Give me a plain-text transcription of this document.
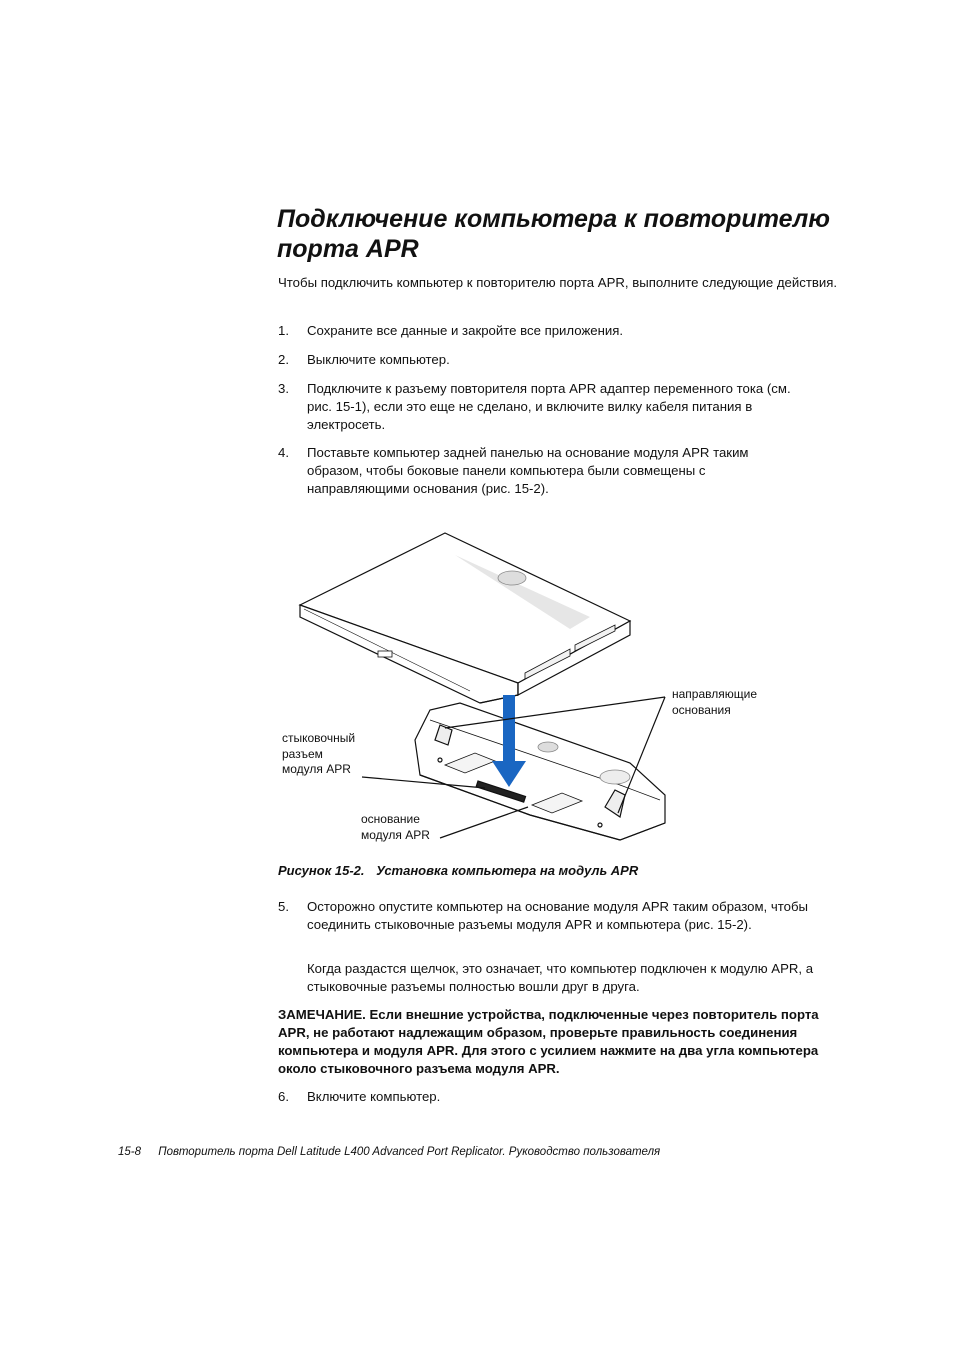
Подключение компьютера к повторителю
порта APR
Чтобы подключить компьютер к повторителю порта APR, выполните следующие действия.
1. Сохраните все данные и закройте все приложения.
2. Выключите компьютер.
3. Подключите к разъему повторителя порта APR адаптер переменного тока (см. рис. 15-1), если это еще не сделано, и включите вилку кабеля питания в электросеть.
4. Поставьте компьютер задней панелью на основание модуля APR таким образом, чтобы боковые панели компьютера были совмещены с направляющими основания (рис. 15-2).
направляющие
основания
стыковочный
разъем
модуля APR
основание
модуля APR
Рисунок 15-2. Установка компьютера на модуль APR
5. Осторожно опустите компьютер на основание модуля APR таким образом, чтобы соединить стыковочные разъемы модуля APR и компьютера (рис. 15-2).
Когда раздастся щелчок, это означает, что компьютер подключен к модулю APR, а стыковочные разъемы полностью вошли друг в друга.
ЗАМЕЧАНИЕ. Если внешние устройства, подключенные через повторитель порта APR, не работают надлежащим образом, проверьте правильность соединения компьютера и модуля APR. Для этого с усилием нажмите на два угла компьютера около стыковочного разъема модуля APR.
6. Включите компьютер.
15-8 Повторитель порта Dell Latitude L400 Advanced Port Replicator. Руководство пользователя
